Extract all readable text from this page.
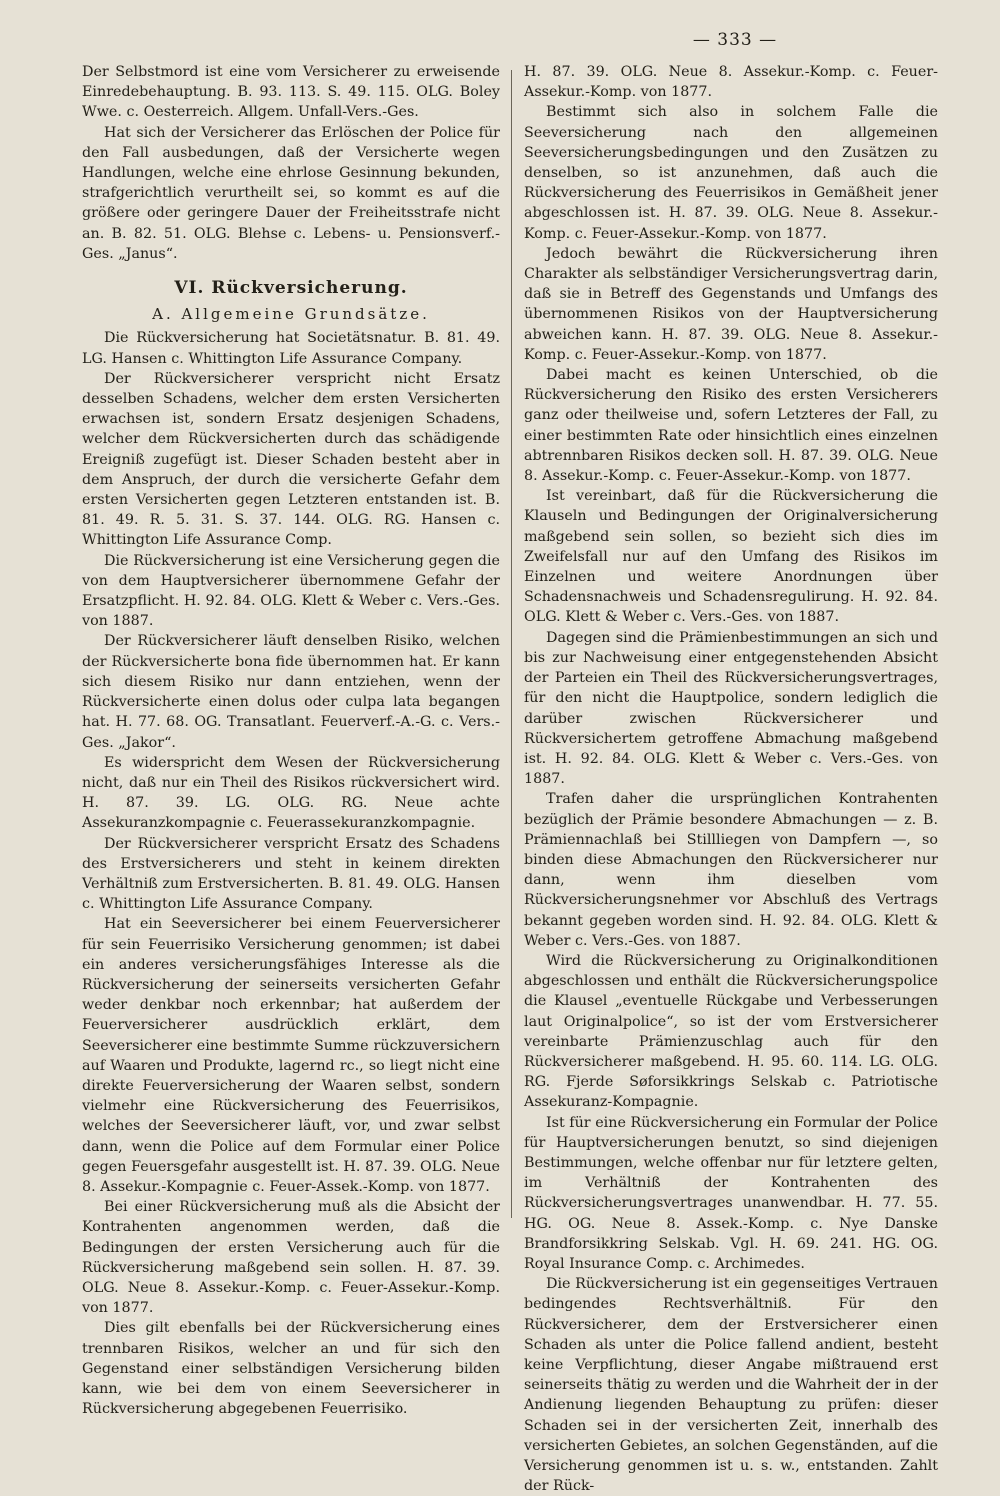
— 333 —

Der Selbstmord ist eine vom Versicherer zu erweisende Einredebehauptung. B. 93. 113. S. 49. 115. OLG. Boley Wwe. c. Oesterreich. Allgem. Unfall-Vers.-Ges.

Hat sich der Versicherer das Erlöschen der Police für den Fall ausbedungen, daß der Versicherte wegen Handlungen, welche eine ehrlose Gesinnung bekunden, strafgerichtlich verurtheilt sei, so kommt es auf die größere oder geringere Dauer der Freiheitsstrafe nicht an. B. 82. 51. OLG. Blehse c. Lebens- u. Pensionsverf.-Ges. „Janus“.

VI. Rückversicherung.
A. Allgemeine Grundsätze.

Die Rückversicherung hat Societätsnatur. B. 81. 49. LG. Hansen c. Whittington Life Assurance Company.

Der Rückversicherer verspricht nicht Ersatz desselben Schadens, welcher dem ersten Versicherten erwachsen ist, sondern Ersatz desjenigen Schadens, welcher dem Rückversicherten durch das schädigende Ereigniß zugefügt ist. Dieser Schaden besteht aber in dem Anspruch, der durch die versicherte Gefahr dem ersten Versicherten gegen Letzteren entstanden ist. B. 81. 49. R. 5. 31. S. 37. 144. OLG. RG. Hansen c. Whittington Life Assurance Comp.

Die Rückversicherung ist eine Versicherung gegen die von dem Hauptversicherer übernommene Gefahr der Ersatzpflicht. H. 92. 84. OLG. Klett & Weber c. Vers.-Ges. von 1887.

Der Rückversicherer läuft denselben Risiko, welchen der Rückversicherte bona fide übernommen hat. Er kann sich diesem Risiko nur dann entziehen, wenn der Rückversicherte einen dolus oder culpa lata begangen hat. H. 77. 68. OG. Transatlant. Feuerverf.-A.-G. c. Vers.-Ges. „Jakor“.

Es widerspricht dem Wesen der Rückversicherung nicht, daß nur ein Theil des Risikos rückversichert wird. H. 87. 39. LG. OLG. RG. Neue achte Assekuranzkompagnie c. Feuerassekuranzkompagnie.

Der Rückversicherer verspricht Ersatz des Schadens des Erstversicherers und steht in keinem direkten Verhältniß zum Erstversicherten. B. 81. 49. OLG. Hansen c. Whittington Life Assurance Company.

Hat ein Seeversicherer bei einem Feuerversicherer für sein Feuerrisiko Versicherung genommen; ist dabei ein anderes versicherungsfähiges Interesse als die Rückversicherung der seinerseits versicherten Gefahr weder denkbar noch erkennbar; hat außerdem der Feuerversicherer ausdrücklich erklärt, dem Seeversicherer eine bestimmte Summe rückzuversichern auf Waaren und Produkte, lagernd rc., so liegt nicht eine direkte Feuerversicherung der Waaren selbst, sondern vielmehr eine Rückversicherung des Feuerrisikos, welches der Seeversicherer läuft, vor, und zwar selbst dann, wenn die Police auf dem Formular einer Police gegen Feuersgefahr ausgestellt ist. H. 87. 39. OLG. Neue 8. Assekur.-Kompagnie c. Feuer-Assek.-Komp. von 1877.

Bei einer Rückversicherung muß als die Absicht der Kontrahenten angenommen werden, daß die Bedingungen der ersten Versicherung auch für die Rückversicherung maßgebend sein sollen. H. 87. 39. OLG. Neue 8. Assekur.-Komp. c. Feuer-Assekur.-Komp. von 1877.

Dies gilt ebenfalls bei der Rückversicherung eines trennbaren Risikos, welcher an und für sich den Gegenstand einer selbständigen Versicherung bilden kann, wie bei dem von einem Seeversicherer in Rückversicherung abgegebenen Feuerrisiko.

H. 87. 39. OLG. Neue 8. Assekur.-Komp. c. Feuer-Assekur.-Komp. von 1877.

Bestimmt sich also in solchem Falle die Seeversicherung nach den allgemeinen Seeversicherungsbedingungen und den Zusätzen zu denselben, so ist anzunehmen, daß auch die Rückversicherung des Feuerrisikos in Gemäßheit jener abgeschlossen ist. H. 87. 39. OLG. Neue 8. Assekur.-Komp. c. Feuer-Assekur.-Komp. von 1877.

Jedoch bewährt die Rückversicherung ihren Charakter als selbständiger Versicherungsvertrag darin, daß sie in Betreff des Gegenstands und Umfangs des übernommenen Risikos von der Hauptversicherung abweichen kann. H. 87. 39. OLG. Neue 8. Assekur.-Komp. c. Feuer-Assekur.-Komp. von 1877.

Dabei macht es keinen Unterschied, ob die Rückversicherung den Risiko des ersten Versicherers ganz oder theilweise und, sofern Letzteres der Fall, zu einer bestimmten Rate oder hinsichtlich eines einzelnen abtrennbaren Risikos decken soll. H. 87. 39. OLG. Neue 8. Assekur.-Komp. c. Feuer-Assekur.-Komp. von 1877.

Ist vereinbart, daß für die Rückversicherung die Klauseln und Bedingungen der Originalversicherung maßgebend sein sollen, so bezieht sich dies im Zweifelsfall nur auf den Umfang des Risikos im Einzelnen und weitere Anordnungen über Schadensnachweis und Schadensregulirung. H. 92. 84. OLG. Klett & Weber c. Vers.-Ges. von 1887.

Dagegen sind die Prämienbestimmungen an sich und bis zur Nachweisung einer entgegenstehenden Absicht der Parteien ein Theil des Rückversicherungsvertrages, für den nicht die Hauptpolice, sondern lediglich die darüber zwischen Rückversicherer und Rückversichertem getroffene Abmachung maßgebend ist. H. 92. 84. OLG. Klett & Weber c. Vers.-Ges. von 1887.

Trafen daher die ursprünglichen Kontrahenten bezüglich der Prämie besondere Abmachungen — z. B. Prämiennachlaß bei Stillliegen von Dampfern —, so binden diese Abmachungen den Rückversicherer nur dann, wenn ihm dieselben vom Rückversicherungsnehmer vor Abschluß des Vertrags bekannt gegeben worden sind. H. 92. 84. OLG. Klett & Weber c. Vers.-Ges. von 1887.

Wird die Rückversicherung zu Originalkonditionen abgeschlossen und enthält die Rückversicherungspolice die Klausel „eventuelle Rückgabe und Verbesserungen laut Originalpolice“, so ist der vom Erstversicherer vereinbarte Prämienzuschlag auch für den Rückversicherer maßgebend. H. 95. 60. 114. LG. OLG. RG. Fjerde Søforsikkrings Selskab c. Patriotische Assekuranz-Kompagnie.

Ist für eine Rückversicherung ein Formular der Police für Hauptversicherungen benutzt, so sind diejenigen Bestimmungen, welche offenbar nur für letztere gelten, im Verhältniß der Kontrahenten des Rückversicherungsvertrages unanwendbar. H. 77. 55. HG. OG. Neue 8. Assek.-Komp. c. Nye Danske Brandforsikkring Selskab. Vgl. H. 69. 241. HG. OG. Royal Insurance Comp. c. Archimedes.

Die Rückversicherung ist ein gegenseitiges Vertrauen bedingendes Rechtsverhältniß. Für den Rückversicherer, dem der Erstversicherer einen Schaden als unter die Police fallend andient, besteht keine Verpflichtung, dieser Angabe mißtrauend erst seinerseits thätig zu werden und die Wahrheit der in der Andienung liegenden Behauptung zu prüfen: dieser Schaden sei in der versicherten Zeit, innerhalb des versicherten Gebietes, an solchen Gegenständen, auf die Versicherung genommen ist u. s. w., entstanden. Zahlt der Rück-
